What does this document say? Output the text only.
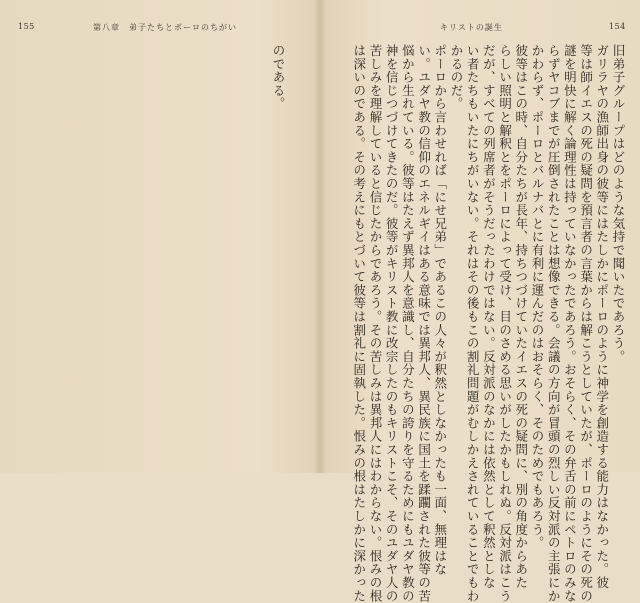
155	第八章　弟子たちとポーロのちがい
のである。
キリストの誕生	154
旧弟子グループはどのような気持で聞いたであろう。
ガリラヤの漁師出身の彼等にはたしかにポーロのように神学を創造する能力はなかった。彼
等は師イエスの死の疑問を預言者の言葉からは解こうとしていたが、ポーロのようにその死の
謎を明快に解く論理性は持っていなかったであろう。おそらく、その弁舌の前にペトロのみな
らずヤコブまでが圧倒されたことは想像できる。会議の方向が冒頭の烈しい反対派の主張にか
かわらず、ポーロとバルナバとに有利に運んだのはおそらく、そのためでもあろう。
彼等はこの時、自分たちが長年、持ちつづけていたイエスの死の疑問に、別の角度からあた
らしい照明と解釈とをポーロによって受け、目のさめる思いがしたかもしれぬ。反対派はこう
だが、すべての列席者がそうだったわけではない。反対派のなかには依然として釈然としな
い者たちもいたにちがいない。それはその後もこの割礼問題がむしかえされていることでもわ
かるのだ。
ポーロから言わせれば「にせ兄弟」であるこの人々が釈然としなかったも一面、無理はな
い。ユダヤ教の信仰のエネルギイはある意味では異邦人、異民族に国土を蹂躙された彼等の苦
悩から生れている。彼等はたえず異邦人を意識し、自分たちの誇りを守るためにもユダヤ教の
神を信じつづけてきたのだ。彼等がキリスト教に改宗したのもキリストこそ、そのユダヤ人の
苦しみを理解していると信じたからであろう。その苦しみは異邦人にはわからない。恨みの根
は深いのである。その考えにもとづいて彼等は割礼に固執した。恨みの根はたしかに深かった
